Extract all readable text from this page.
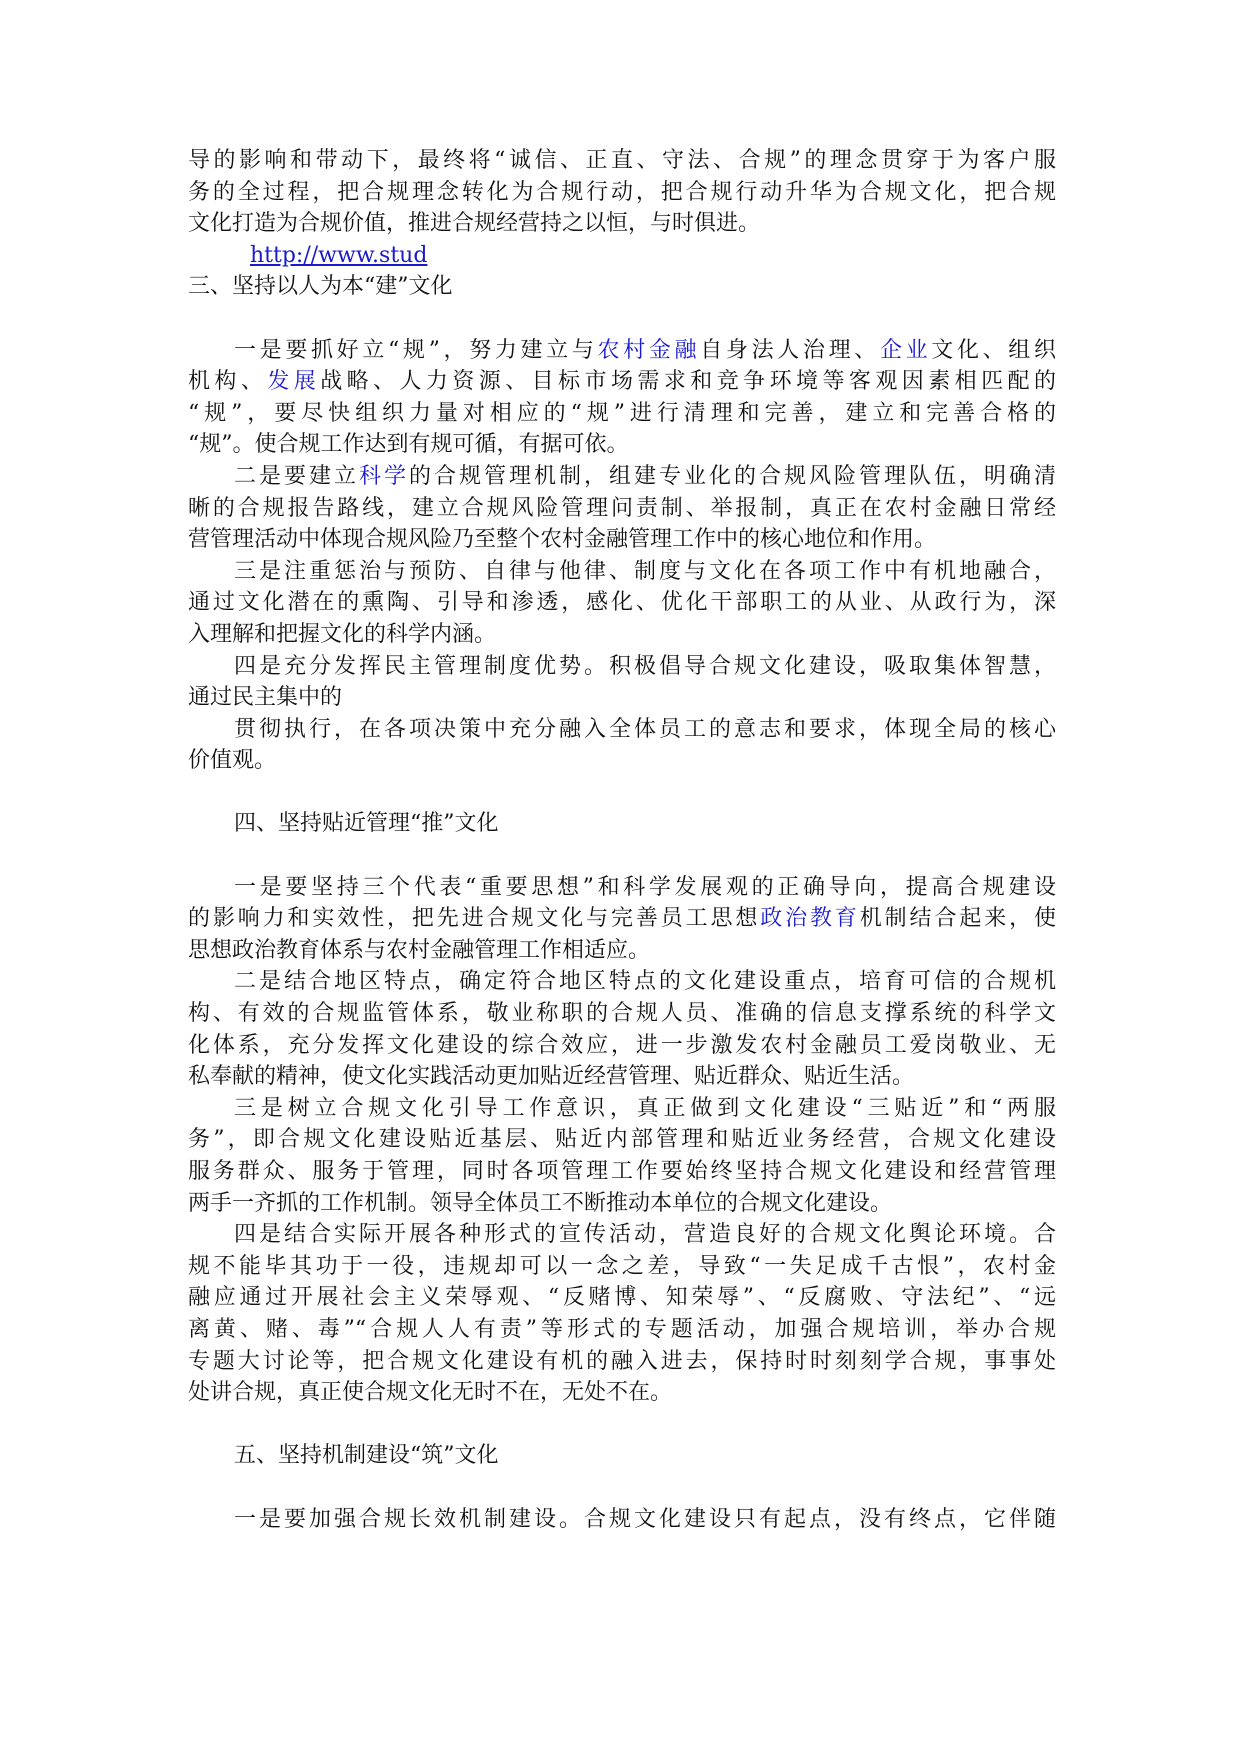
导的影响和带动下，最终将“诚信、正直、守法、合规”的理念贯穿于为客户服
务的全过程，把合规理念转化为合规行动，把合规行动升华为合规文化，把合规
文化打造为合规价值，推进合规经营持之以恒，与时俱进。
http://www.stud
三、坚持以人为本“建”文化
一是要抓好立“规”，努力建立与农村金融自身法人治理、企业文化、组织
机构、发展战略、人力资源、目标市场需求和竞争环境等客观因素相匹配的
“规”，要尽快组织力量对相应的“规”进行清理和完善，建立和完善合格的
“规”。使合规工作达到有规可循，有据可依。
二是要建立科学的合规管理机制，组建专业化的合规风险管理队伍，明确清
晰的合规报告路线，建立合规风险管理问责制、举报制，真正在农村金融日常经
营管理活动中体现合规风险乃至整个农村金融管理工作中的核心地位和作用。
三是注重惩治与预防、自律与他律、制度与文化在各项工作中有机地融合，
通过文化潜在的熏陶、引导和渗透，感化、优化干部职工的从业、从政行为，深
入理解和把握文化的科学内涵。
四是充分发挥民主管理制度优势。积极倡导合规文化建设，吸取集体智慧，
通过民主集中的
贯彻执行，在各项决策中充分融入全体员工的意志和要求，体现全局的核心
价值观。
四、坚持贴近管理“推”文化
一是要坚持三个代表“重要思想”和科学发展观的正确导向，提高合规建设
的影响力和实效性，把先进合规文化与完善员工思想政治教育机制结合起来，使
思想政治教育体系与农村金融管理工作相适应。
二是结合地区特点，确定符合地区特点的文化建设重点，培育可信的合规机
构、有效的合规监管体系，敬业称职的合规人员、准确的信息支撑系统的科学文
化体系，充分发挥文化建设的综合效应，进一步激发农村金融员工爱岗敬业、无
私奉献的精神，使文化实践活动更加贴近经营管理、贴近群众、贴近生活。
三是树立合规文化引导工作意识，真正做到文化建设“三贴近”和“两服
务”，即合规文化建设贴近基层、贴近内部管理和贴近业务经营，合规文化建设
服务群众、服务于管理，同时各项管理工作要始终坚持合规文化建设和经营管理
两手一齐抓的工作机制。领导全体员工不断推动本单位的合规文化建设。
四是结合实际开展各种形式的宣传活动，营造良好的合规文化舆论环境。合
规不能毕其功于一役，违规却可以一念之差，导致“一失足成千古恨”，农村金
融应通过开展社会主义荣辱观、“反赌博、知荣辱”、“反腐败、守法纪”、“远
离黄、赌、毒”“合规人人有责”等形式的专题活动，加强合规培训，举办合规
专题大讨论等，把合规文化建设有机的融入进去，保持时时刻刻学合规，事事处
处讲合规，真正使合规文化无时不在，无处不在。
五、坚持机制建设“筑”文化
一是要加强合规长效机制建设。合规文化建设只有起点，没有终点，它伴随
